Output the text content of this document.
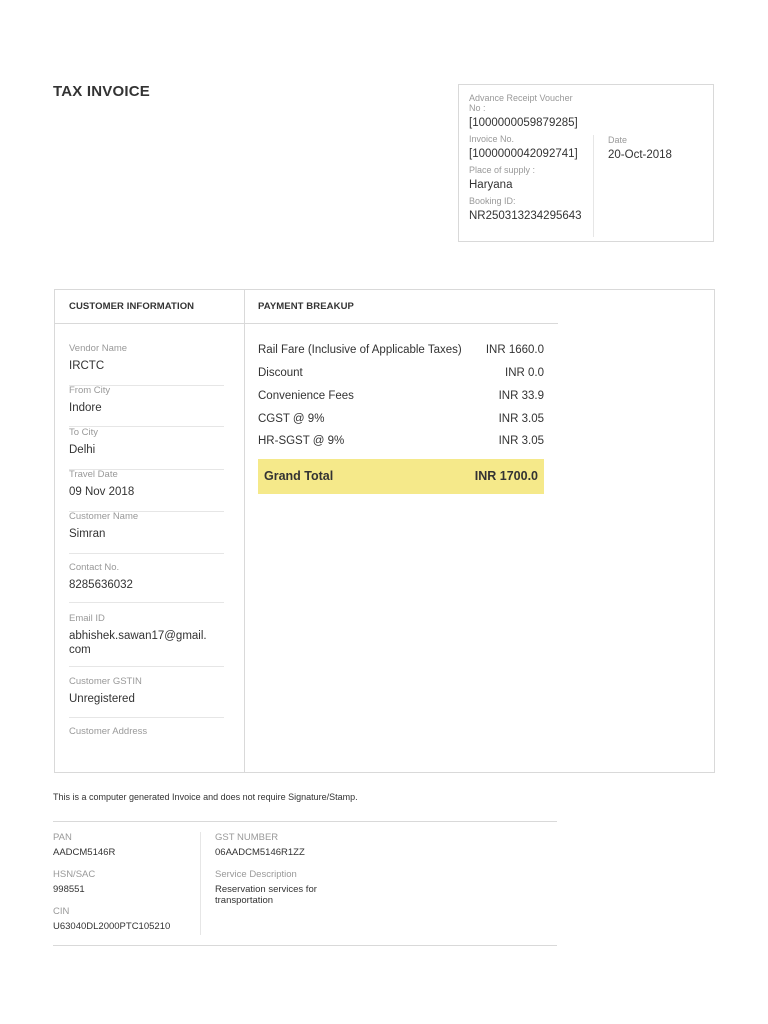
TAX INVOICE	Advance Receipt Voucher No :
[1000000059879285]
Invoice No.
[1000000042092741]
Place of supply :
Haryana
Booking ID:
NR250313234295643
Date
20-Oct-2018
CUSTOMER INFORMATION
Vendor Name
IRCTC
From City
Indore
To City
Delhi
Travel Date
09 Nov 2018
Customer Name
Simran
Contact No.
8285636032
Email ID
abhishek.sawan17@gmail.
com
Customer GSTIN
Unregistered
Customer Address
PAYMENT BREAKUP
Rail Fare (Inclusive of Applicable Taxes) INR 1660.0
Discount	INR 0.0
Convenience Fees	INR 33.9
CGST @ 9%	INR 3.05
HR-SGST @ 9%	INR 3.05
Grand Total	INR 1700.0
This is a computer generated Invoice and does not require Signature/Stamp.
PAN
AADCM5146R
HSN/SAC
998551
CIN
U63040DL2000PTC105210
GST NUMBER
06AADCM5146R1ZZ
Service Description
Reservation services for transportation
